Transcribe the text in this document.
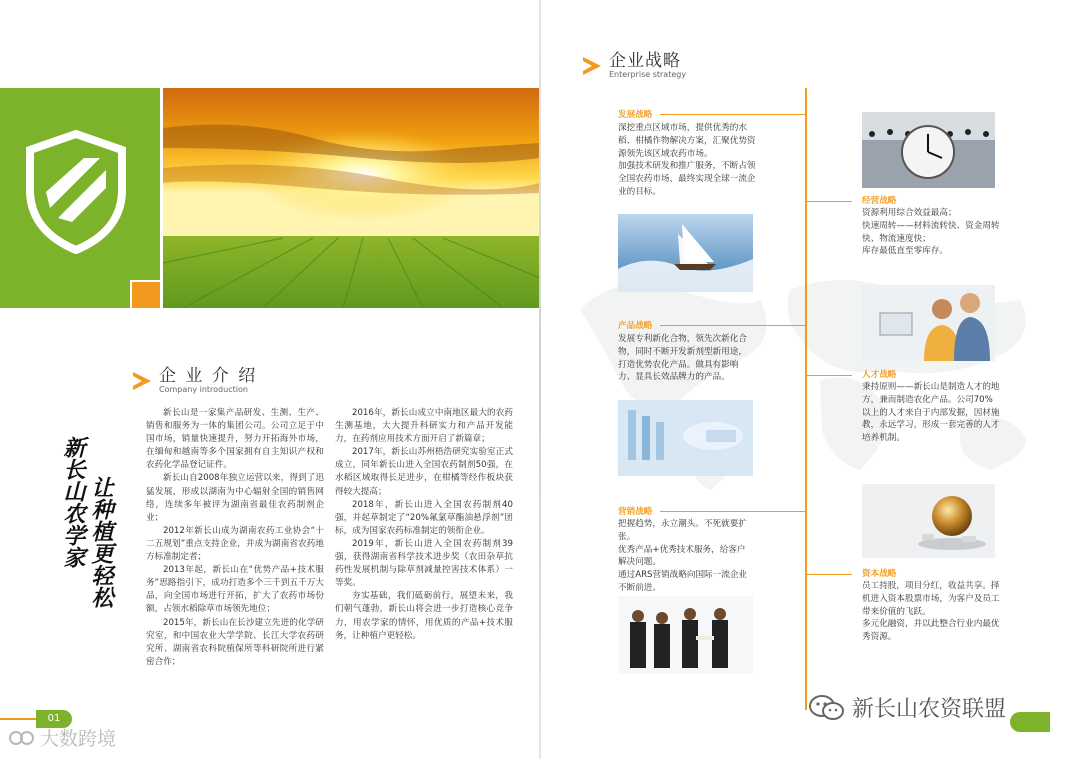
企 业 介 绍
Company introduction
新长山农学家 让种植更轻松

新长山是一家集产品研发、生测、生产、销售和服务为一体的集团公司。公司立足于中国市场，销量快速提升，努力开拓海外市场，在缅甸和越南等多个国家拥有自主知识产权和农药化学品登记证件。

新长山自2008年独立运营以来，得到了迅猛发展，形成以湖南为中心辐射全国的销售网络，连续多年被评为湖南省最佳农药制剂企业；

2012年新长山成为湖南农药工业协会“十二五规划”重点支持企业，并成为湖南省农药地方标准制定者；

2013年起，新长山在“优势产品+技术服务”思路指引下，成功打造多个三千到五千万大品，向全国市场进行开拓，扩大了农药市场份额，占领水稻除草市场领先地位；

2015年，新长山在长沙建立先进的化学研究室，和中国农业大学学院、长江大学农药研究所、湖南省农科院植保所等科研院所进行紧密合作；

2016年，新长山成立中南地区最大的农药生测基地，大大提升科研实力和产品开发能力，在药剂应用技术方面开启了新篇章；

2017年，新长山苏州梧浩研究实验室正式成立，同年新长山进入全国农药制剂50强，在水稻区域取得长足进步，在柑橘等经作板块获得较大提高；

2018年，新长山进入全国农药制剂40强，并起草制定了“20%氟氯草酯油悬浮剂”团标，成为国家农药标准制定的领衔企业。

2019年，新长山进入全国农药制剂39强，获得湖南省科学技术进步奖（农田杂草抗药性发展机制与除草剂减量控害技术体系）一等奖。

夯实基础，我们砥砺前行，展望未来，我们朝气蓬勃，新长山将会进一步打造核心竞争力，用农学家的情怀，用优质的产品+技术服务，让种植户更轻松。

01
大数跨境
企业战略
Enterprise strategy
发展战略
深挖重点区域市场，提供优秀的水稻、柑橘作物解决方案，汇聚优势资源领先该区域农药市场。
加强技术研发和推广服务，不断占领全国农药市场，最终实现全球一流企业的目标。
经营战略
资源利用综合效益最高；
快速周转——材料流转快、资金周转快、物流速度快；
库存最低直至零库存。
产品战略
发展专利新化合物，领先次新化合物，同时不断开发新剂型新用途，打造优势农化产品。做具有影响力、显具长效品牌力的产品。	人才战略
秉持原则——新长山是制造人才的地方，兼而制造农化产品。公司70%以上的人才来自于内部发掘，因材施教，永远学习，形成一套完善的人才培养机制。
营销战略
把握趋势，永立潮头。不死就要扩张。
优秀产品+优秀技术服务，给客户解决问题。
通过ARS营销战略向国际一流企业不断前进。
资本战略
员工持股，项目分红，收益共享。择机进入资本股票市场，为客户及员工带来价值的飞跃。
多元化融资，并以此整合行业内最优秀资源。
新长山农资联盟
